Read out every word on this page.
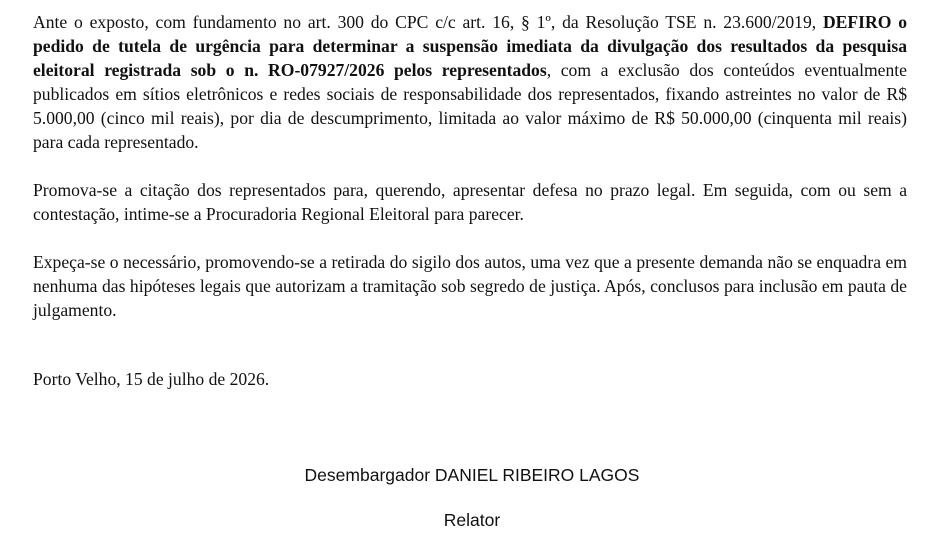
Ante o exposto, com fundamento no art. 300 do CPC c/c art. 16, § 1º, da Resolução TSE n. 23.600/2019, DEFIRO o pedido de tutela de urgência para determinar a suspensão imediata da divulgação dos resultados da pesquisa eleitoral registrada sob o n. RO-07927/2026 pelos representados, com a exclusão dos conteúdos eventualmente publicados em sítios eletrônicos e redes sociais de responsabilidade dos representados, fixando astreintes no valor de R$ 5.000,00 (cinco mil reais), por dia de descumprimento, limitada ao valor máximo de R$ 50.000,00 (cinquenta mil reais) para cada representado.

Promova-se a citação dos representados para, querendo, apresentar defesa no prazo legal. Em seguida, com ou sem a contestação, intime-se a Procuradoria Regional Eleitoral para parecer.

Expeça-se o necessário, promovendo-se a retirada do sigilo dos autos, uma vez que a presente demanda não se enquadra em nenhuma das hipóteses legais que autorizam a tramitação sob segredo de justiça. Após, conclusos para inclusão em pauta de julgamento.

Porto Velho, 15 de julho de 2026.

Desembargador DANIEL RIBEIRO LAGOS
Relator
